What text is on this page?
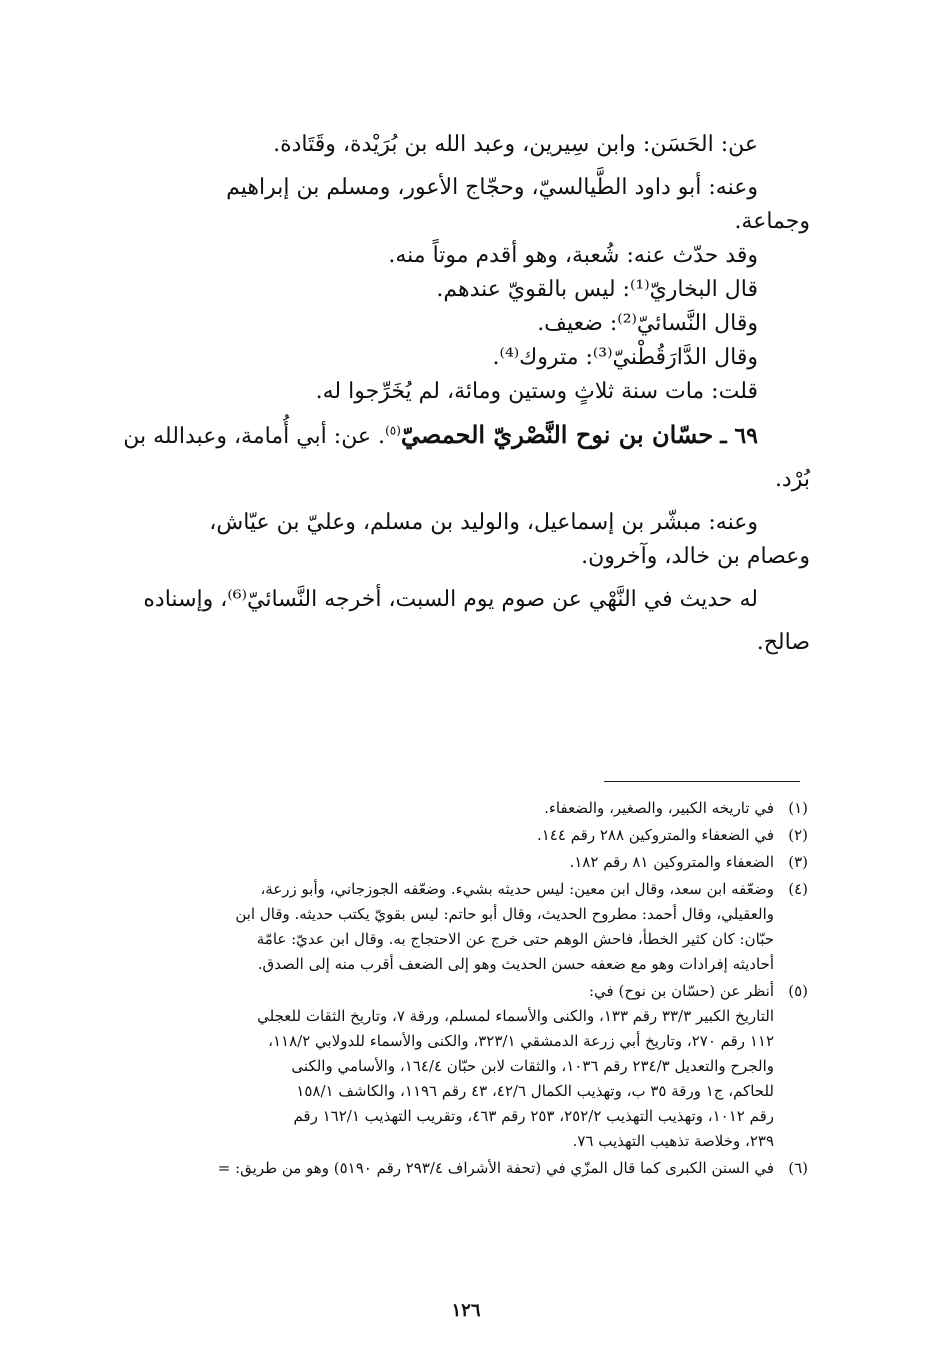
عن: الحَسَن: وابن سِيرين، وعبد الله بن بُرَيْدة، وقَتَادة.
وعنه: أبو داود الطَّيالسيّ، وحجّاج الأعور، ومسلم بن إبراهيم
وجماعة.
وقد حدّث عنه: شُعبة، وهو أقدم موتاً منه.
قال البخاريّ⁽¹⁾: ليس بالقويّ عندهم.
وقال النَّسائيّ⁽²⁾: ضعيف.
وقال الدَّارَقُطْنيّ⁽³⁾: متروك⁽⁴⁾.
قلت: مات سنة ثلاثٍ وستين ومائة، لم يُخَرِّجوا له.
٦٩ ـ حسّان بن نوح النَّصْريّ الحمصيّ$^{(٥)}$. عن: أبي أُمامة، وعبدالله بن
بُرْد.
وعنه: مبشّر بن إسماعيل، والوليد بن مسلم، وعليّ بن عيّاش،
وعصام بن خالد، وآخرون.
له حديث في النَّهْي عن صوم يوم السبت، أخرجه النَّسائيّ⁽⁶⁾، وإسناده
صالح.
(١)
في تاريخه الكبير، والصغير، والضعفاء.
(٢)
في الضعفاء والمتروكين ٢٨٨ رقم ١٤٤.
(٣)
الضعفاء والمتروكين ٨١ رقم ١٨٢.
(٤)
وضعّفه ابن سعد، وقال ابن معين: ليس حديثه بشيء. وضعّفه الجوزجاني، وأبو زرعة،
والعقيلي، وقال أحمد: مطروح الحديث، وقال أبو حاتم: ليس بقويّ يكتب حديثه. وقال ابن
حبّان: كان كثير الخطأ، فاحش الوهم حتى خرج عن الاحتجاج به. وقال ابن عديّ: عامّة
أحاديثه إفرادات وهو مع ضعفه حسن الحديث وهو إلى الضعف أقرب منه إلى الصدق.
(٥)
أنظر عن (حسّان بن نوح) في:
التاريخ الكبير ٣٣/٣ رقم ١٣٣، والكنى والأسماء لمسلم، ورقة ٧، وتاريخ الثقات للعجلي
١١٢ رقم ٢٧٠، وتاريخ أبي زرعة الدمشقي ٣٢٣/١، والكنى والأسماء للدولابي ١١٨/٢،
والجرح والتعديل ٢٣٤/٣ رقم ١٠٣٦، والثقات لابن حبّان ١٦٤/٤، والأسامي والكنى
للحاكم، ج١ ورقة ٣٥ ب، وتهذيب الكمال ٤٢/٦، ٤٣ رقم ١١٩٦، والكاشف ١٥٨/١
رقم ١٠١٢، وتهذيب التهذيب ٢٥٢/٢، ٢٥٣ رقم ٤٦٣، وتقريب التهذيب ١٦٢/١ رقم
٢٣٩، وخلاصة تذهيب التهذيب ٧٦.
(٦)
في السنن الكبرى كما قال المزّي في (تحفة الأشراف ٢٩٣/٤ رقم ٥١٩٠) وهو من طريق: =
١٢٦
